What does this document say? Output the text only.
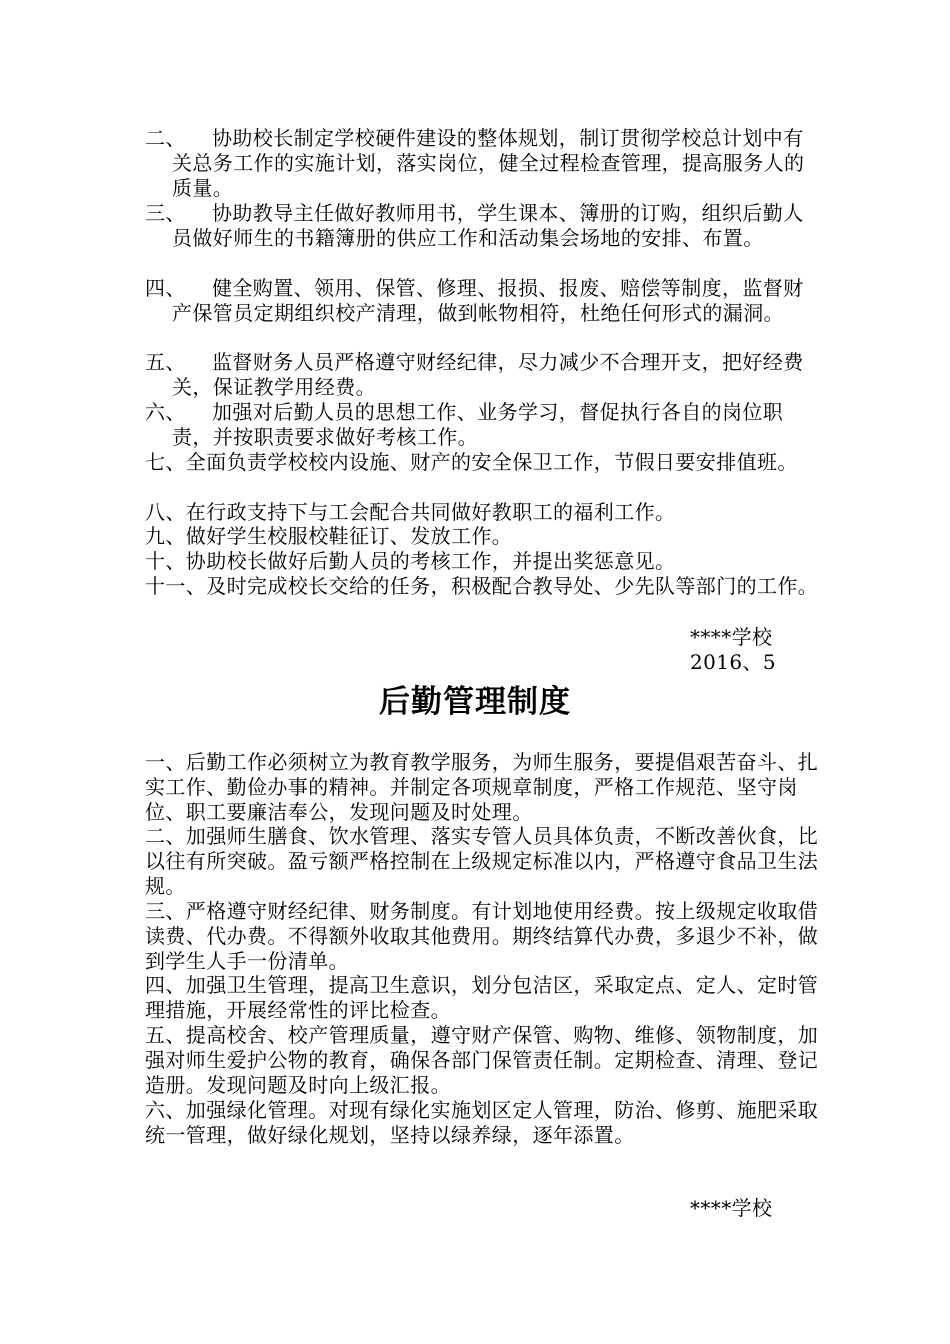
二、	协助校长制定学校硬件建设的整体规划，制订贯彻学校总计划中有关总务工作的实施计划，落实岗位，健全过程检查管理，提高服务人的质量。
三、	协助教导主任做好教师用书，学生课本、簿册的订购，组织后勤人员做好师生的书籍簿册的供应工作和活动集会场地的安排、布置。
四、	健全购置、领用、保管、修理、报损、报废、赔偿等制度，监督财产保管员定期组织校产清理，做到帐物相符，杜绝任何形式的漏洞。
五、	监督财务人员严格遵守财经纪律，尽力减少不合理开支，把好经费关，保证教学用经费。
六、	加强对后勤人员的思想工作、业务学习，督促执行各自的岗位职责，并按职责要求做好考核工作。
七、全面负责学校校内设施、财产的安全保卫工作，节假日要安排值班。
八、在行政支持下与工会配合共同做好教职工的福利工作。
九、做好学生校服校鞋征订、发放工作。
十、协助校长做好后勤人员的考核工作，并提出奖惩意见。
十一、及时完成校长交给的任务，积极配合教导处、少先队等部门的工作。
****学校
2016、5
后勤管理制度
一、后勤工作必须树立为教育教学服务，为师生服务，要提倡艰苦奋斗、扎实工作、勤俭办事的精神。并制定各项规章制度，严格工作规范、坚守岗位、职工要廉洁奉公，发现问题及时处理。
二、加强师生膳食、饮水管理、落实专管人员具体负责，不断改善伙食，比以往有所突破。盈亏额严格控制在上级规定标准以内，严格遵守食品卫生法规。
三、严格遵守财经纪律、财务制度。有计划地使用经费。按上级规定收取借读费、代办费。不得额外收取其他费用。期终结算代办费，多退少不补，做到学生人手一份清单。
四、加强卫生管理，提高卫生意识，划分包洁区，采取定点、定人、定时管理措施，开展经常性的评比检查。
五、提高校舍、校产管理质量，遵守财产保管、购物、维修、领物制度，加强对师生爱护公物的教育，确保各部门保管责任制。定期检查、清理、登记造册。发现问题及时向上级汇报。
六、加强绿化管理。对现有绿化实施划区定人管理，防治、修剪、施肥采取统一管理，做好绿化规划，坚持以绿养绿，逐年添置。
****学校
